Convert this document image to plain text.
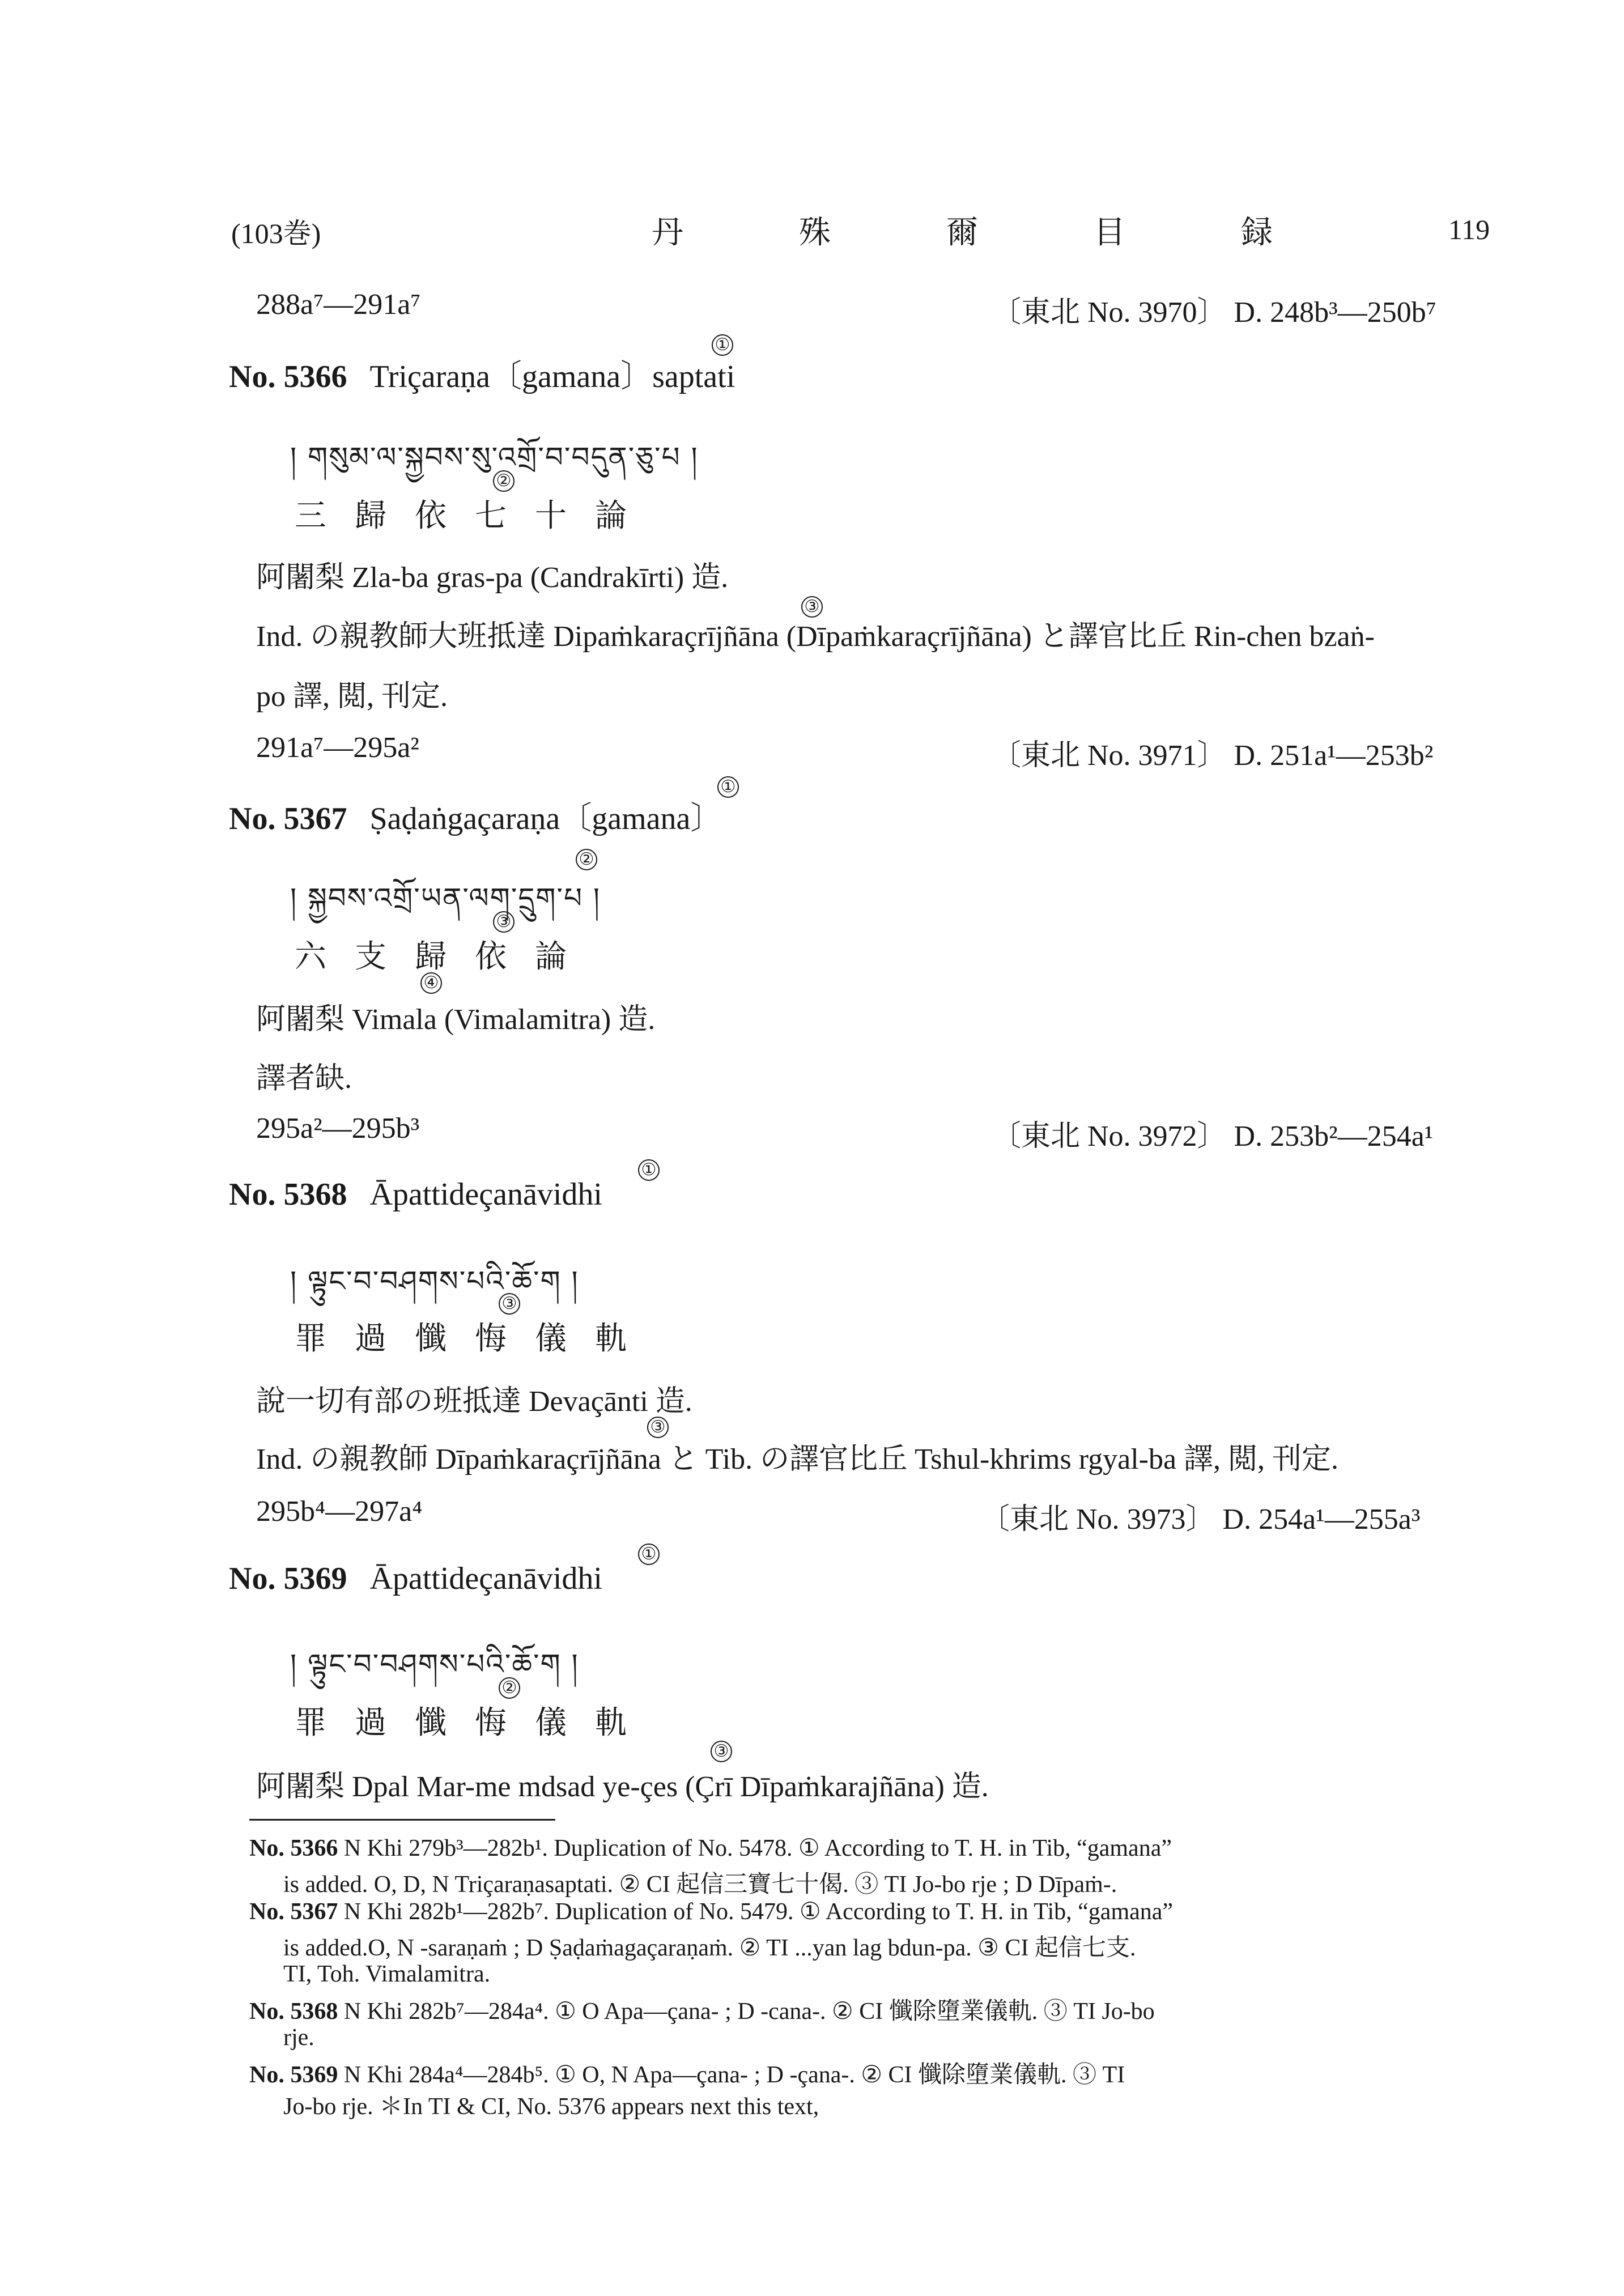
(103巻)	丹 殊 爾 目 録	119
288a⁷—291a⁷	〔東北 No. 3970〕 D. 248b³—250b⁷
No. 5366 Triçaraṇa〔gamana〕saptati
①
། གསུམ་ལ་སྐྱབས་སུ་འགྲོ་བ་བདུན་ཅུ་པ །
三 歸 依 七 十 論
②
阿闍梨 Zla-ba gras-pa (Candrakīrti) 造.
③
Ind. の親教師大班抵達 Dipaṁkaraçrījñāna (Dīpaṁkaraçrījñāna) と譯官比丘 Rin-chen bzaṅ-
po 譯, 閲, 刊定.
291a⁷—295a²	〔東北 No. 3971〕 D. 251a¹—253b²
No. 5367 Ṣaḍaṅgaçaraṇa〔gamana〕
①
། སྐྱབས་འགྲོ་ཡན་ལག་དྲུག་པ །
②
六 支 歸 依 論
③
④
阿闍梨 Vimala (Vimalamitra) 造.
譯者缺.
295a²—295b³	〔東北 No. 3972〕 D. 253b²—254a¹
No. 5368 Āpattideçanāvidhi
①
། ལྟུང་བ་བཤགས་པའི་ཆོ་ག །
罪 過 懺 悔 儀 軌
③
說一切有部の班抵達 Devaçānti 造.
③
Ind. の親教師 Dīpaṁkaraçrījñāna と Tib. の譯官比丘 Tshul-khrims rgyal-ba 譯, 閲, 刊定.
295b⁴—297a⁴	〔東北 No. 3973〕 D. 254a¹—255a³
No. 5369 Āpattideçanāvidhi
①
། ལྟུང་བ་བཤགས་པའི་ཆོ་ག །
罪 過 懺 悔 儀 軌
②
③
阿闍梨 Dpal Mar-me mdsad ye-çes (Çrī Dīpaṁkarajñāna) 造.
No. 5366 N Khi 279b³—282b¹. Duplication of No. 5478. ① According to T. H. in Tib, “gamana”
is added. O, D, N Triçaraṇasaptati. ② CI 起信三寶七十偈. ③ TI Jo-bo rje ; D Dīpaṁ-.
No. 5367 N Khi 282b¹—282b⁷. Duplication of No. 5479. ① According to T. H. in Tib, “gamana”
is added.O, N -saraṇaṁ ; D Ṣaḍaṁagaçaraṇaṁ. ② TI ...yan lag bdun-pa. ③ CI 起信七支.
TI, Toh. Vimalamitra.
No. 5368 N Khi 282b⁷—284a⁴. ① O Apa—çana- ; D -cana-. ② CI 懺除墮業儀軌. ③ TI Jo-bo
rje.
No. 5369 N Khi 284a⁴—284b⁵. ① O, N Apa—çana- ; D -çana-. ② CI 懺除墮業儀軌. ③ TI
Jo-bo rje. ＊In TI & CI, No. 5376 appears next this text,
